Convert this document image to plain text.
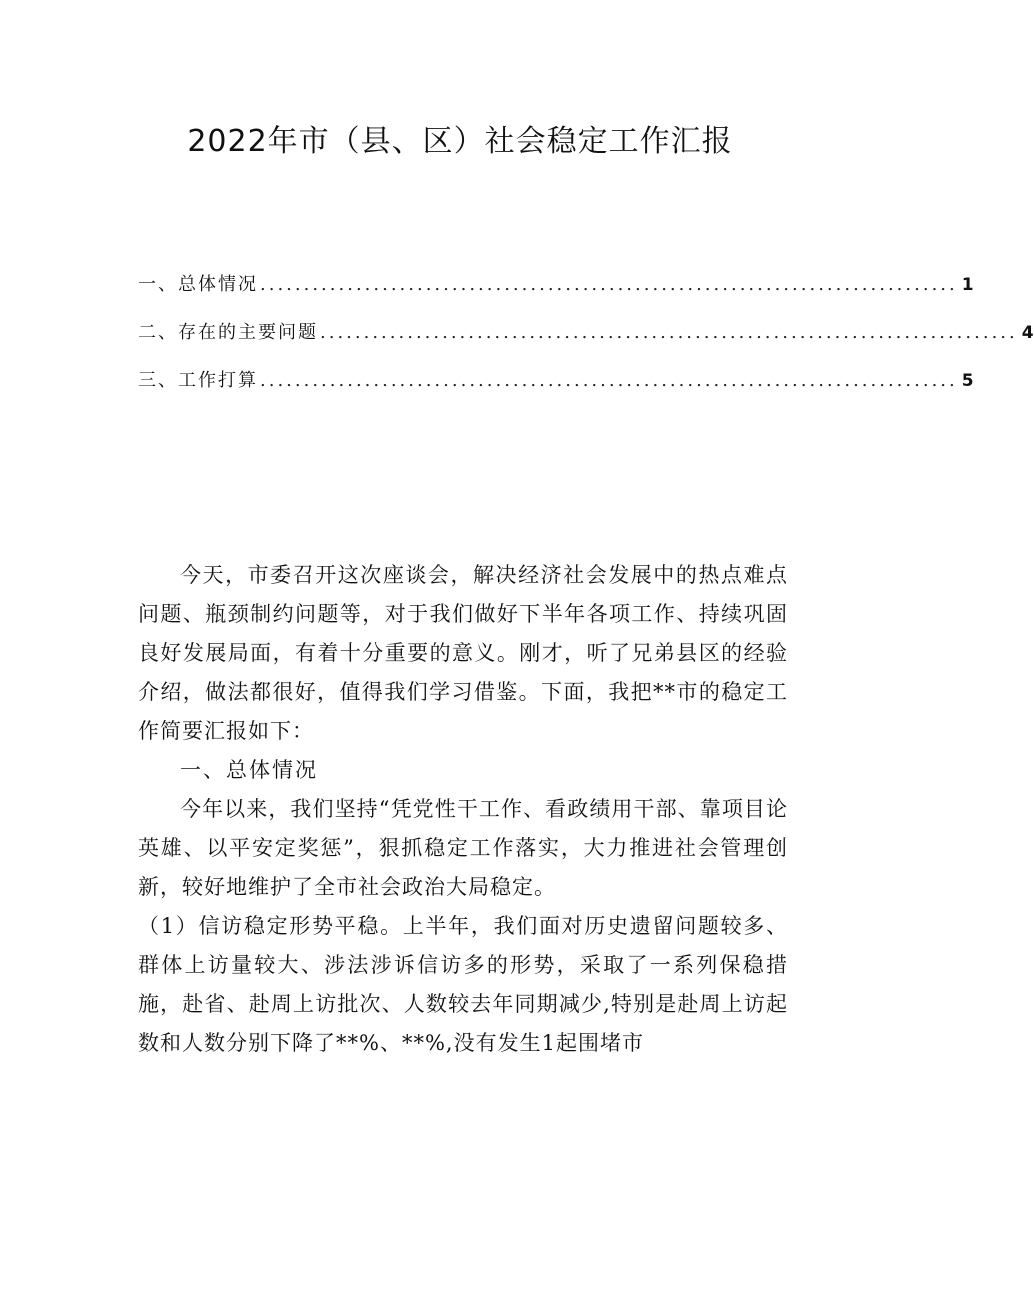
2022年市（县、区）社会稳定工作汇报
一、总体情况 ................................................................................ 1
二、存在的主要问题 ................................................................................ 4
三、工作打算 ................................................................................ 5

今天，市委召开这次座谈会，解决经济社会发展中的热点难点问题、瓶颈制约问题等，对于我们做好下半年各项工作、持续巩固良好发展局面，有着十分重要的意义。刚才，听了兄弟县区的经验介绍，做法都很好，值得我们学习借鉴。下面，我把**市的稳定工作简要汇报如下：

一、总体情况

今年以来，我们坚持“凭党性干工作、看政绩用干部、靠项目论英雄、以平安定奖惩”，狠抓稳定工作落实，大力推进社会管理创新，较好地维护了全市社会政治大局稳定。

（1）信访稳定形势平稳。上半年，我们面对历史遗留问题较多、群体上访量较大、涉法涉诉信访多的形势，采取了一系列保稳措施，赴省、赴周上访批次、人数较去年同期减少,特别是赴周上访起数和人数分别下降了**%、**%,没有发生1起围堵市
